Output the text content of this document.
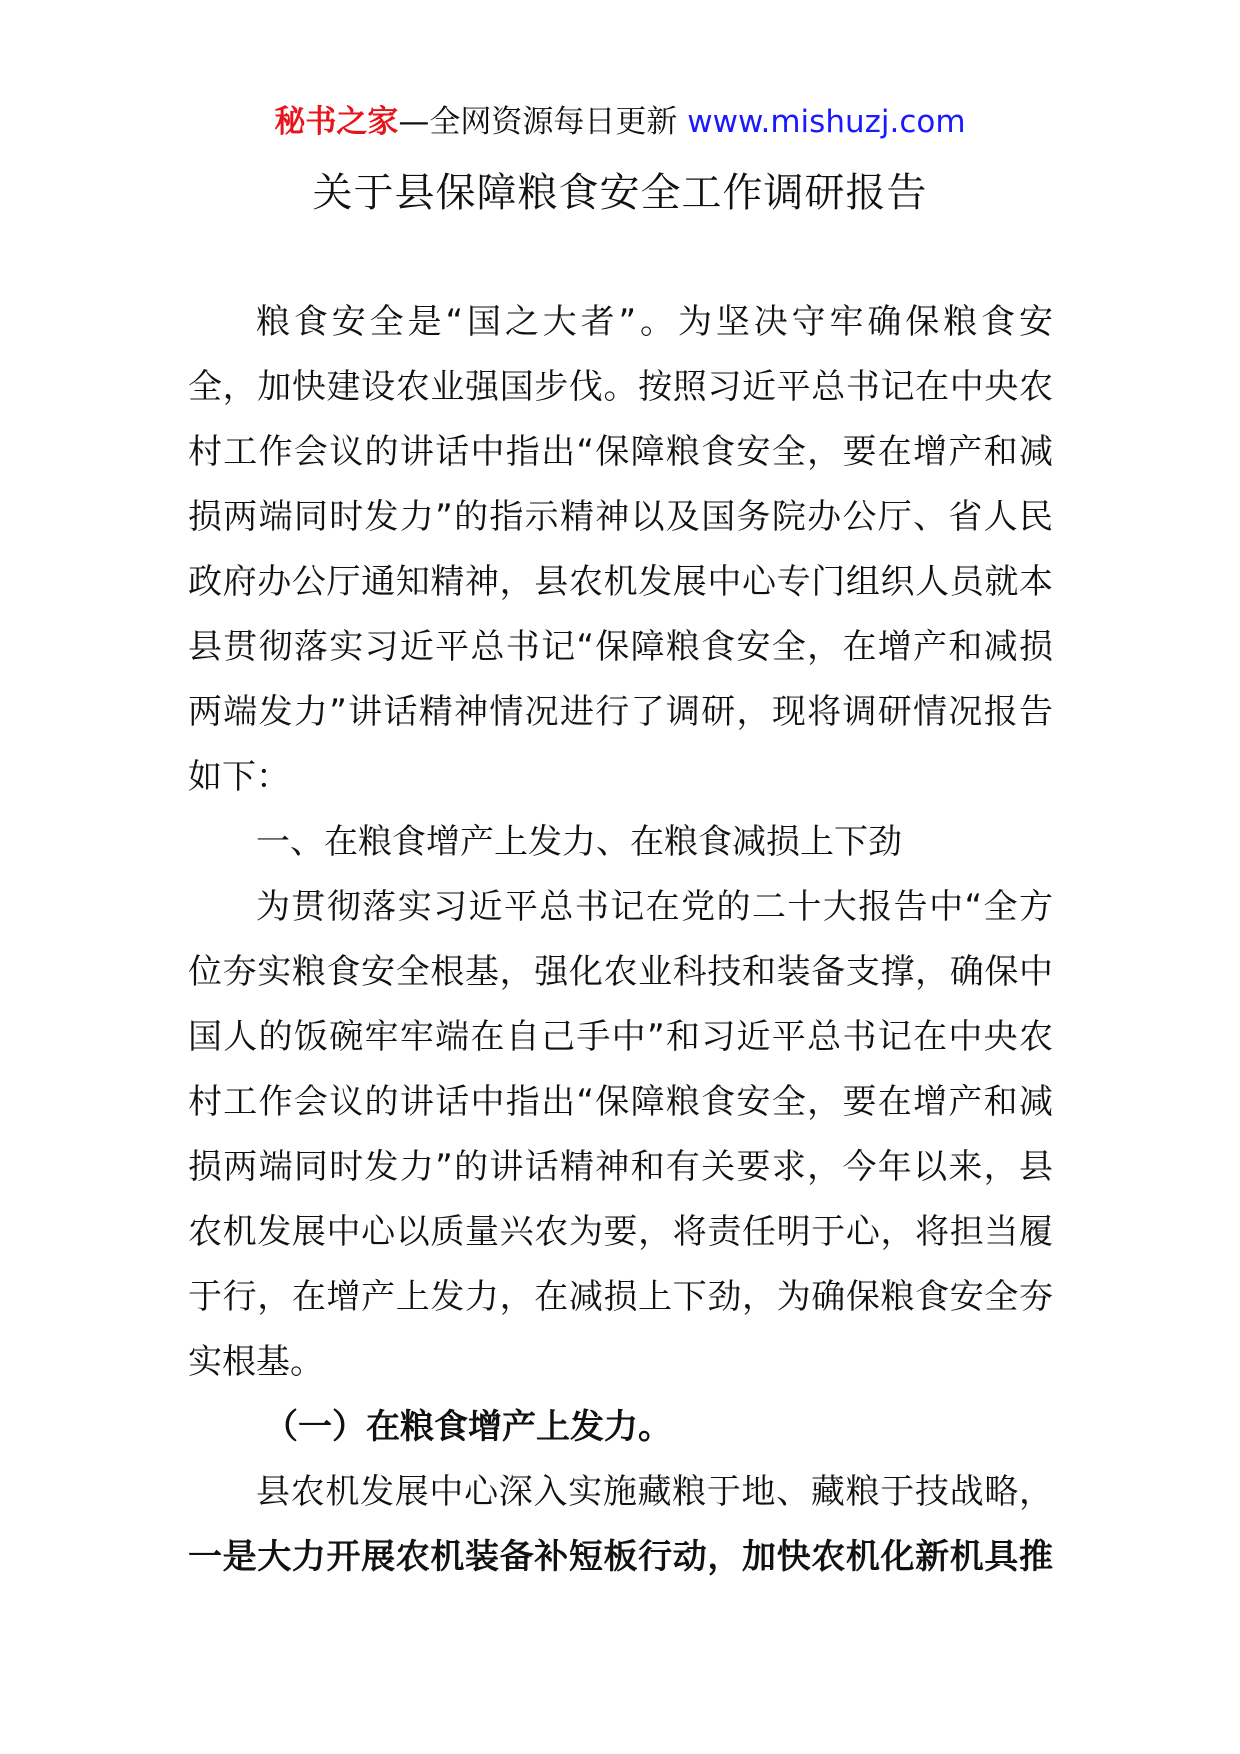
秘书之家—全网资源每日更新 www.mishuzj.com
关于县保障粮食安全工作调研报告
粮食安全是“国之大者”。为坚决守牢确保粮食安
全，加快建设农业强国步伐。按照习近平总书记在中央农
村工作会议的讲话中指出“保障粮食安全，要在增产和减
损两端同时发力”的指示精神以及国务院办公厅、省人民
政府办公厅通知精神，县农机发展中心专门组织人员就本
县贯彻落实习近平总书记“保障粮食安全，在增产和减损
两端发力”讲话精神情况进行了调研，现将调研情况报告
如下：
一、在粮食增产上发力、在粮食减损上下劲
为贯彻落实习近平总书记在党的二十大报告中“全方
位夯实粮食安全根基，强化农业科技和装备支撑，确保中
国人的饭碗牢牢端在自己手中”和习近平总书记在中央农
村工作会议的讲话中指出“保障粮食安全，要在增产和减
损两端同时发力”的讲话精神和有关要求，今年以来，县
农机发展中心以质量兴农为要，将责任明于心，将担当履
于行，在增产上发力，在减损上下劲，为确保粮食安全夯
实根基。
（一）在粮食增产上发力。
县农机发展中心深入实施藏粮于地、藏粮于技战略，
一是大力开展农机装备补短板行动，加快农机化新机具推
